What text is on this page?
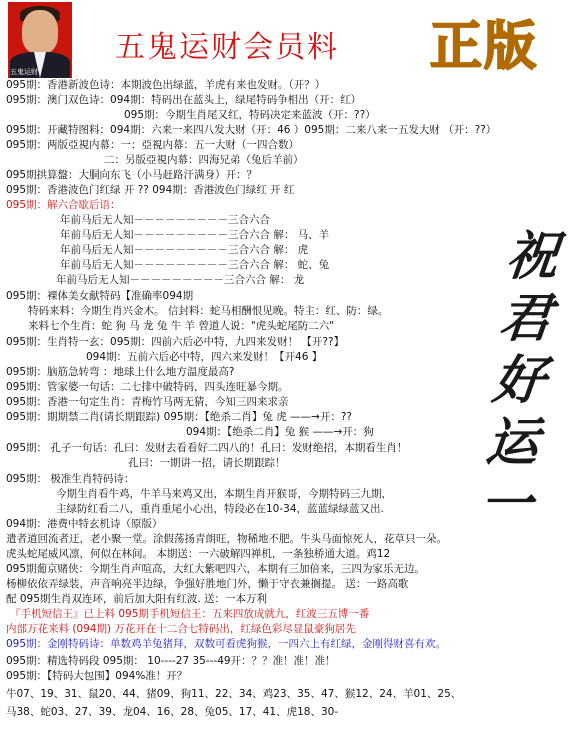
五鬼运财
五鬼运财会员料 正版
祝君好运一
095期：香港新波色诗：本期波色出绿蓝，羊虎有来也发财。（开？）
095期：澳门双色诗：094期：特码出在蓝头上，绿尾特码争相出（开：红）
095期：今期生肖尾又红，特码决定来蓝波（开：??）
095期：开藏特图料：094期：六来一来四八发大财（开：46 ）095期：二来八来一五发大财 （开：??）
095期：两版亞視内幕：一：亞視内幕：五一大财（一四合数）
二：另版亞視内幕：四海兄弟（兔后羊前）
095期拱算盤：大胴向东飞（小马赶路汗满身）开：？
095期：香港波色门红绿 开 ?? 094期：香港波色门绿红 开 红
095期：解六合歇后语：
年前马后无人知－－－－－－－－－三合六合
年前马后无人知－－－－－－－－－三合六合 解： 马、羊
年前马后无人知－－－－－－－－－三合六合 解： 虎
年前马后无人知－－－－－－－－－三合六合 解： 蛇、兔
年前马后无人知－－－－－－－－－三合六合 解： 龙
095期：裸体美女献特码【准确率094期
特码来料：今期生肖兴金木。 信封料：蛇马相酬恨见晚。特主：红、防：绿。
来料七个生肖：蛇 狗 马 龙 兔 牛 羊 曾道人说："虎头蛇尾防二六"
095期：生肖特一玄：095期：四前六后必中特，九四来发财！ 【开??】
094期：五前六后必中特，四六来发财！【开46 】
095期：脑筋急转弯 ：地球上什么地方温度最高?
095期：管家婆一句话：二七排中破特码，四头连旺暴今期。
095期：香港一句定生肖：青梅竹马两无猜，今知三四来求亲
095期：期期禁二肖(请长期跟踪) 095期：【绝杀二肖】兔 虎 ——→开：??
094期：【绝杀二肖】兔 猴 ——→开：狗
095期： 孔子一句话：孔曰：发财去看看好二四八的！孔曰：发财绝招，本期看生肖！
孔曰：一期讲一招，请长期跟踪！
095期： 极准生肖特码诗：
今期生肖看牛鸡，牛羊马来鸡又出，本期生肖开猴哥，今期特码三九期，
主绿防红看二八，重肖重尾小心出，特段必在10-34，蓝蓝绿绿蓝又出.
094期：港费中特玄机诗（原版）
遣者道回流者迂，老小聚一堂。涂假荡扬青朗旺，物稀地不肥。牛头马面惊死人，花草只一朵。
虎头蛇尾威风凛，何似在林间。 本期送：一六破解四禅机，一条独桥通大道。鸡12
095期葡京赌侠：今期生肖声喧高，大红大紫吧四六，本期有三加倍来，三四为家乐无边。
杨柳依依弄绿装，声音响亮半边绿，争强好胜地门外，懒于守衣兼搁提。 送：一路高歌
配 095期生肖双连环，前后加大阳有红波. 送：一本万利
『手机短信王』已上料 095期手机短信王：五来四放成就九，红波三五博一番
内部万花来料 (094期) 万花开在十二合七特码出，红绿色彩尽显鼠豪狗居先
095期：金刚特码诗：单数鸡羊兔猪拜，双数可看虎狗猴，一四六上有红绿，金刚得财喜有欢。
095期：精选特码段 095期： 10----27 35---49开：？？准！准！准！
095期：【特码大包围】094%准！开？
牛07、19、31、鼠20、44、猪09、狗11、22、34、鸡23、35、47、猴12、24、羊01、25、
马38、蛇03、27、39、龙04、16、28、兔05、17、41、虎18、30-
